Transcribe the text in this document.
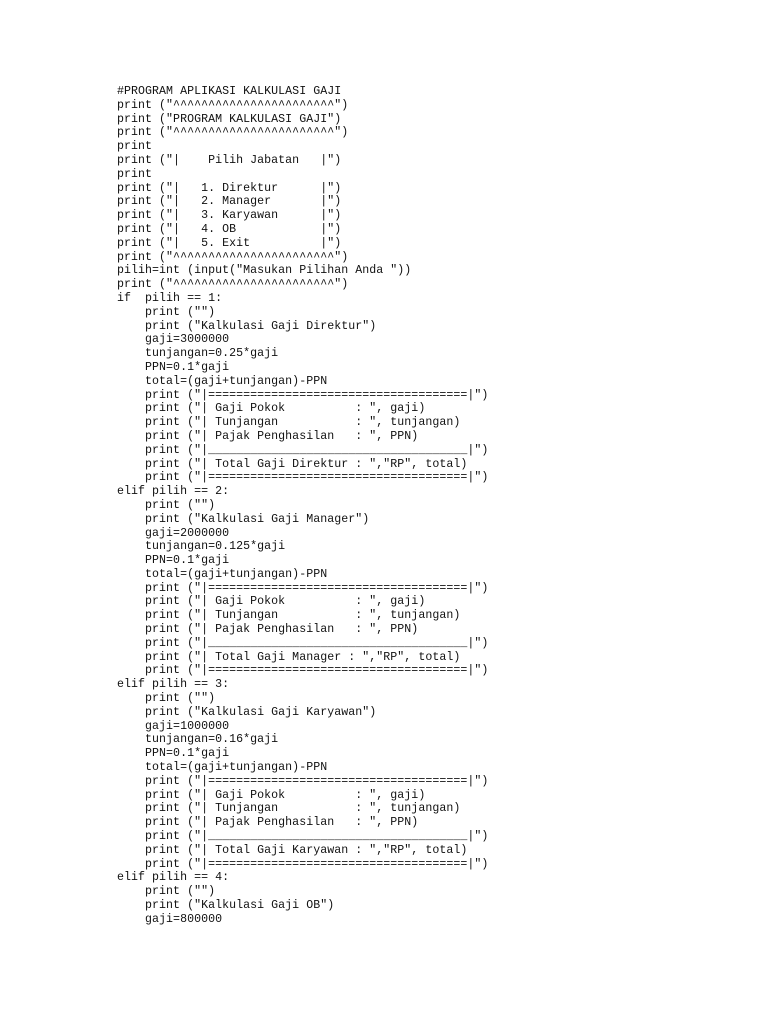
#PROGRAM APLIKASI KALKULASI GAJI
print ("^^^^^^^^^^^^^^^^^^^^^^^")
print ("PROGRAM KALKULASI GAJI")
print ("^^^^^^^^^^^^^^^^^^^^^^^")
print
print ("|    Pilih Jabatan   |")
print
print ("|   1. Direktur      |")
print ("|   2. Manager       |")
print ("|   3. Karyawan      |")
print ("|   4. OB            |")
print ("|   5. Exit          |")
print ("^^^^^^^^^^^^^^^^^^^^^^^")
pilih=int (input("Masukan Pilihan Anda "))
print ("^^^^^^^^^^^^^^^^^^^^^^^")
if  pilih == 1:
print ("")
print ("Kalkulasi Gaji Direktur")
gaji=3000000
tunjangan=0.25*gaji
PPN=0.1*gaji
total=(gaji+tunjangan)-PPN
print ("|=====================================|")
print ("| Gaji Pokok          : ", gaji)
print ("| Tunjangan           : ", tunjangan)
print ("| Pajak Penghasilan   : ", PPN)
print ("|_____________________________________|")
print ("| Total Gaji Direktur : ","RP", total)
print ("|=====================================|")
elif pilih == 2:
print ("")
print ("Kalkulasi Gaji Manager")
gaji=2000000
tunjangan=0.125*gaji
PPN=0.1*gaji
total=(gaji+tunjangan)-PPN
print ("|=====================================|")
print ("| Gaji Pokok          : ", gaji)
print ("| Tunjangan           : ", tunjangan)
print ("| Pajak Penghasilan   : ", PPN)
print ("|_____________________________________|")
print ("| Total Gaji Manager : ","RP", total)
print ("|=====================================|")
elif pilih == 3:
print ("")
print ("Kalkulasi Gaji Karyawan")
gaji=1000000
tunjangan=0.16*gaji
PPN=0.1*gaji
total=(gaji+tunjangan)-PPN
print ("|=====================================|")
print ("| Gaji Pokok          : ", gaji)
print ("| Tunjangan           : ", tunjangan)
print ("| Pajak Penghasilan   : ", PPN)
print ("|_____________________________________|")
print ("| Total Gaji Karyawan : ","RP", total)
print ("|=====================================|")
elif pilih == 4:
print ("")
print ("Kalkulasi Gaji OB")
gaji=800000
